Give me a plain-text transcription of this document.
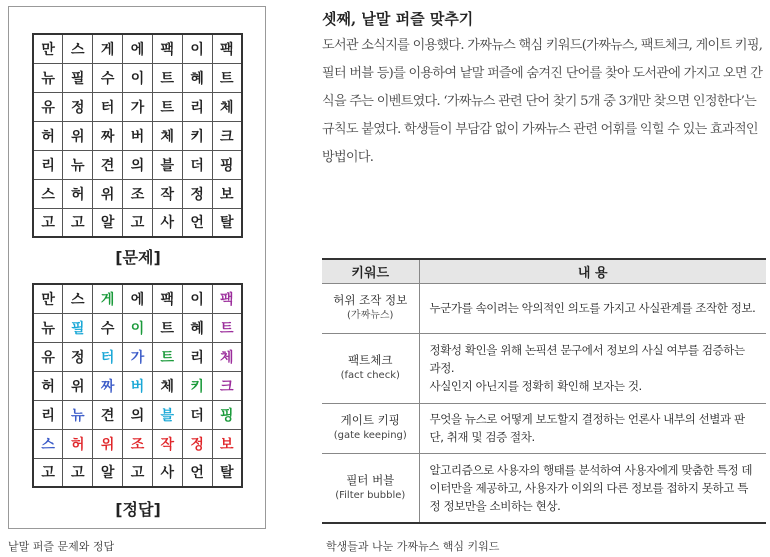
만	스	게	에	팩	이	팩
뉴	필	수	이	트	혜	트
유	정	터	가	트	리	체
허	위	짜	버	체	키	크
리	뉴	견	의	블	더	핑
스	허	위	조	작	정	보
고	고	알	고	사	언	탈
[문제]
만	스	게	에	팩	이	팩
뉴	필	수	이	트	혜	트
유	정	터	가	트	리	체
허	위	짜	버	체	키	크
리	뉴	견	의	블	더	핑
스	허	위	조	작	정	보
고	고	알	고	사	언	탈
[정답]
낱말 퍼즐 문제와 정답
셋째, 낱말 퍼즐 맞추기

도서관 소식지를 이용했다. 가짜뉴스 핵심 키워드(가짜뉴스, 팩트체크, 게이트 키핑, 필터 버블 등)를 이용하여 낱말 퍼즐에 숨겨진 단어를 찾아 도서관에 가지고 오면 간식을 주는 이벤트였다. ‘가짜뉴스 관련 단어 찾기 5개 중 3개만 찾으면 인정한다’는 규칙도 붙였다. 학생들이 부담감 없이 가짜뉴스 관련 어휘를 익힐 수 있는 효과적인 방법이다.

키워드	내 용
허위 조작 정보
(가짜뉴스)	누군가를 속이려는 악의적인 의도를 가지고 사실관계를 조작한 정보.
팩트체크
(fact check)	정확성 확인을 위해 논픽션 문구에서 정보의 사실 여부를 검증하는 과정.
사실인지 아닌지를 정확히 확인해 보자는 것.
게이트 키핑
(gate keeping)	무엇을 뉴스로 어떻게 보도할지 결정하는 언론사 내부의 선별과 판단, 취재 및 검증 절차.
필터 버블
(Filter bubble)	알고리즘으로 사용자의 행태를 분석하여 사용자에게 맞춤한 특정 데이터만을 제공하고, 사용자가 이외의 다른 정보를 접하지 못하고 특정 정보만을 소비하는 현상.
학생들과 나눈 가짜뉴스 핵심 키워드
